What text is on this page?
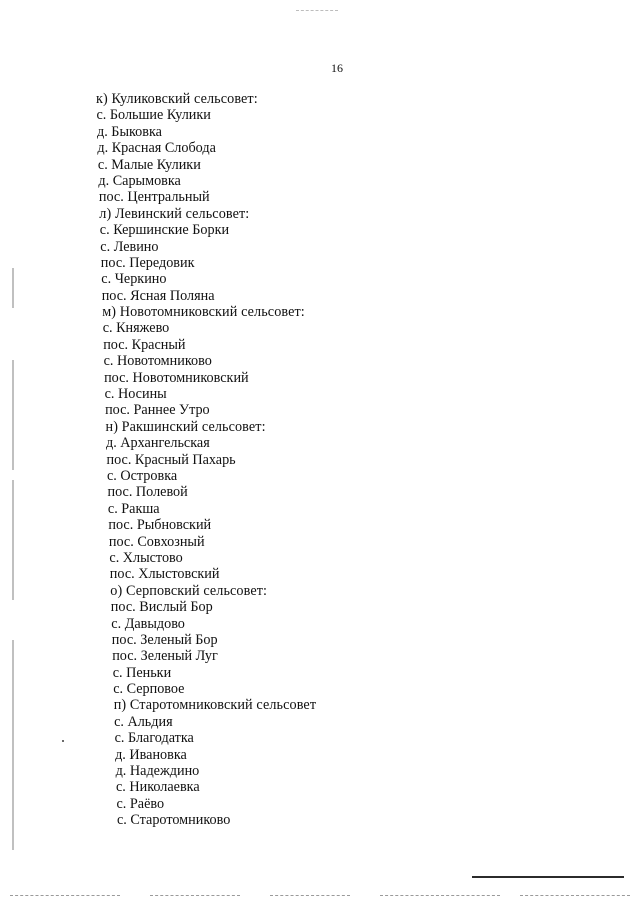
16
к) Куликовский сельсовет:
с. Большие Кулики
д. Быковка
д. Красная Слобода
с. Малые Кулики
д. Сарымовка
пос. Центральный
л) Левинский сельсовет:
с. Кершинские Борки
с. Левино
пос. Передовик
с. Черкино
пос. Ясная Поляна
м) Новотомниковский сельсовет:
с. Княжево
пос. Красный
с. Новотомниково
пос. Новотомниковский
с. Носины
пос. Раннее Утро
н) Ракшинский сельсовет:
д. Архангельская
пос. Красный Пахарь
с. Островка
пос. Полевой
с. Ракша
пос. Рыбновский
пос. Совхозный
с. Хлыстово
пос. Хлыстовский
о) Серповский сельсовет:
пос. Вислый Бор
с. Давыдово
пос. Зеленый Бор
пос. Зеленый Луг
с. Пеньки
с. Серповое
п) Старотомниковский сельсовет
с. Альдия
с. Благодатка
д. Ивановка
д. Надеждино
с. Николаевка
с. Раёво
с. Старотомниково
